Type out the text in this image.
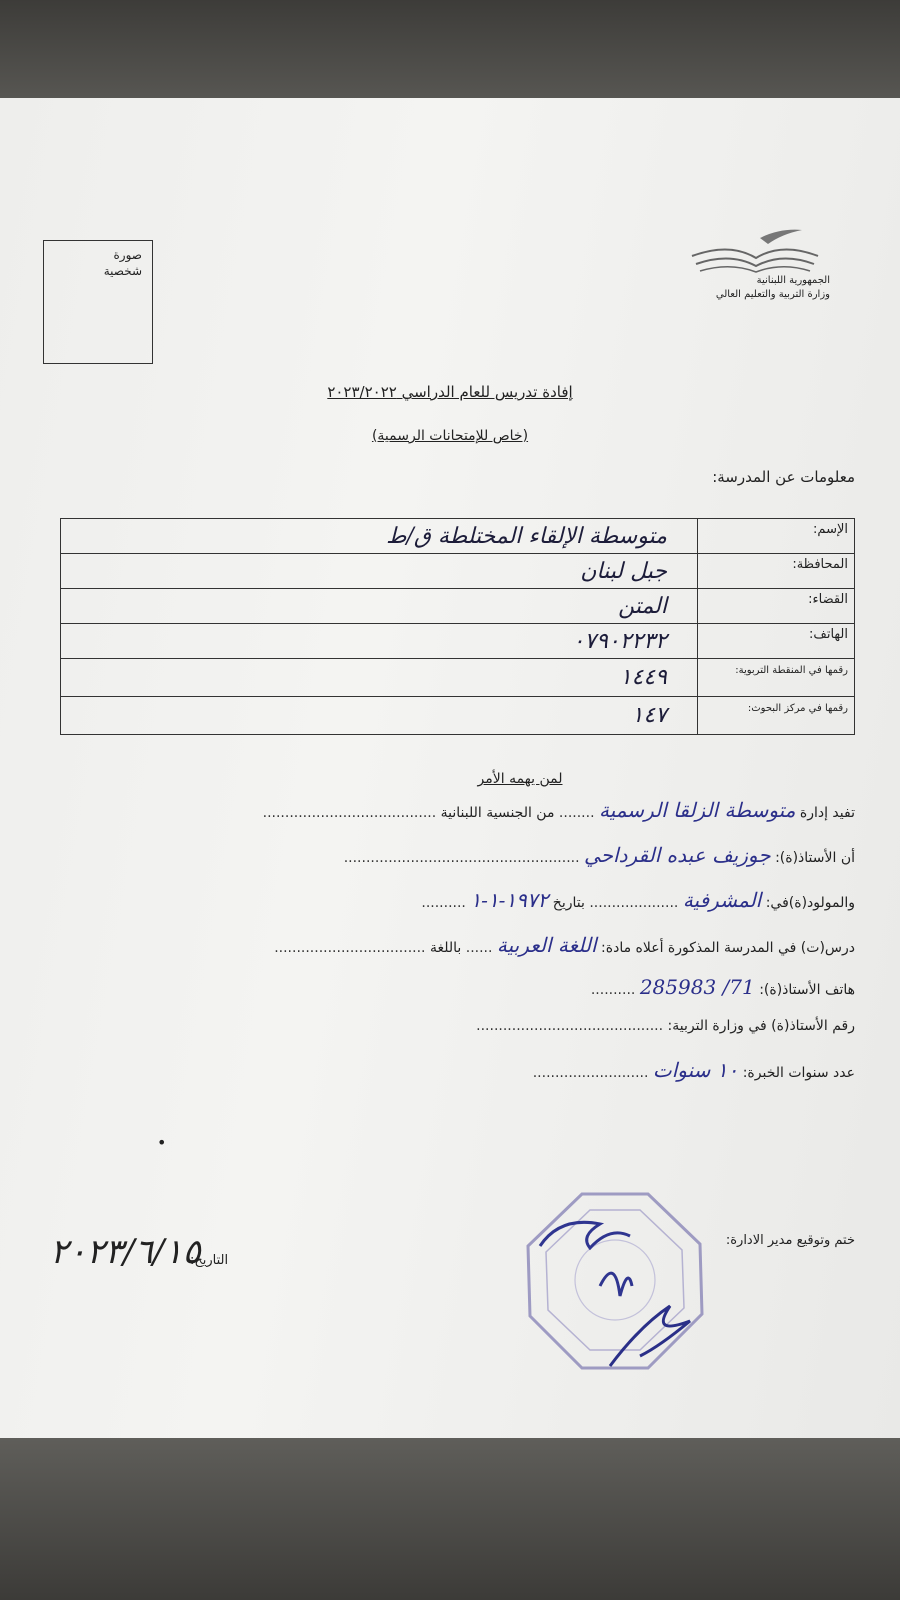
صورة
شخصية
الجمهورية اللبنانية
وزارة التربية والتعليم العالي
إفادة تدريس للعام الدراسي ٢٠٢٣/٢٠٢٢
(خاص للإمتحانات الرسمية)
معلومات عن المدرسة:
متوسطة الإلقاء المختلطة ق/ط	الإسم:
جبل لبنان	المحافظة:
المتن	القضاء:
٠٧٩٠٢٢٣٢	الهاتف:
١٤٤٩	رقمها في المنقطة التربوية:
١٤٧	رقمها في مركز البحوث:
لمن يهمه الأمر
تفيد إدارة متوسطة الزلقا الرسمية ........ من الجنسية اللبنانية .......................................
أن الأستاذ(ة): جوزيف عبده القرداحي .....................................................
والمولود(ة)في: المشرفية .................... بتاريخ ١٩٧٢-١-١ ..........
درس(ت) في المدرسة المذكورة أعلاه مادة: اللغة العربية ...... باللغة ..................................
هاتف الأستاذ(ة): 71/ 285983 ..........
رقم الأستاذ(ة) في وزارة التربية: ..........................................
عدد سنوات الخبرة: ١٠ سنوات ..........................
•
ختم وتوقيع مدير الادارة:
التاريخ:
٢٠٢٣/٦/١٥
